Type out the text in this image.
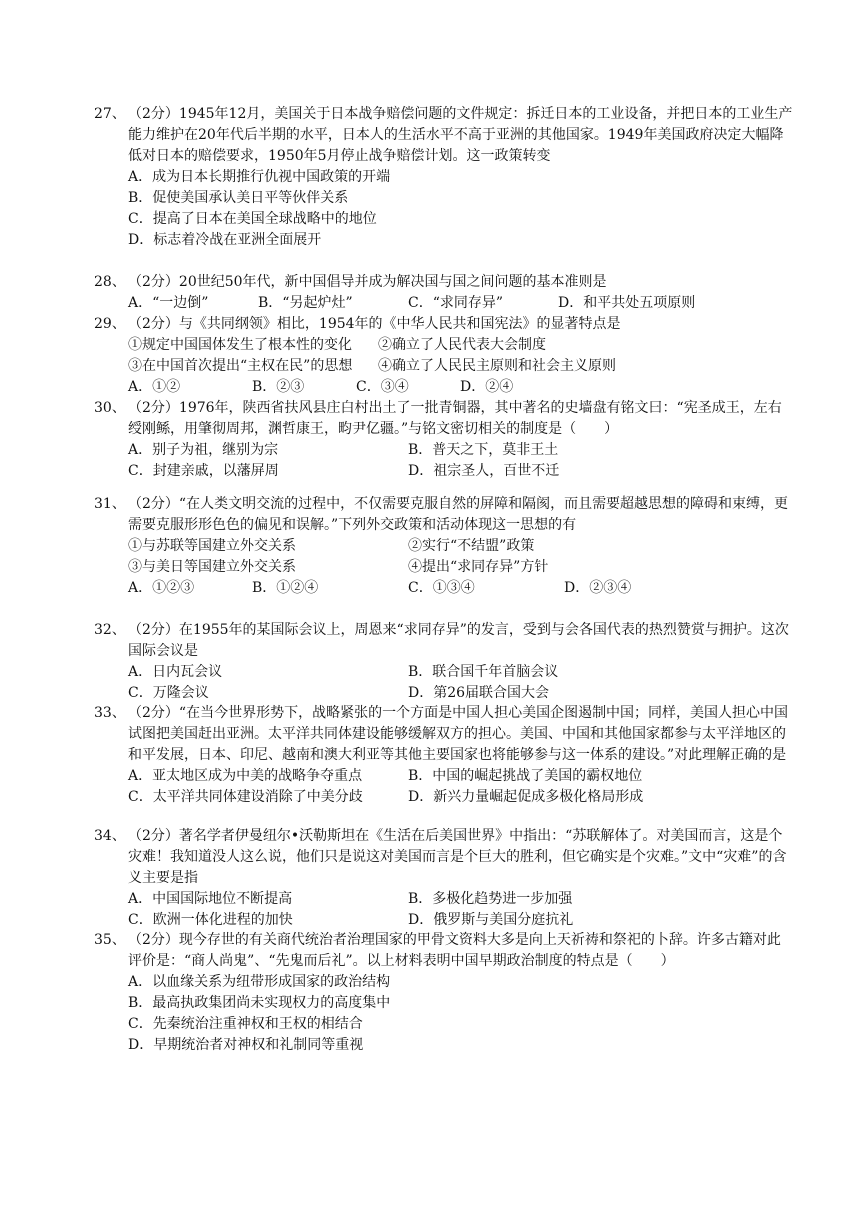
27、 （2分）1945年12月，美国关于日本战争赔偿问题的文件规定：拆迁日本的工业设备，并把日本的工业生产能力维护在20年代后半期的水平，日本人的生活水平不高于亚洲的其他国家。1949年美国政府决定大幅降低对日本的赔偿要求，1950年5月停止战争赔偿计划。这一政策转变
A．成为日本长期推行仇视中国政策的开端
B．促使美国承认美日平等伙伴关系
C．提高了日本在美国全球战略中的地位
D．标志着冷战在亚洲全面展开
28、 （2分）20世纪50年代，新中国倡导并成为解决国与国之间问题的基本准则是
A．“一边倒”	B．“另起炉灶”	C．“求同存异”	D．和平共处五项原则
29、 （2分）与《共同纲领》相比，1954年的《中华人民共和国宪法》的显著特点是
①规定中国国体发生了根本性的变化	②确立了人民代表大会制度
③在中国首次提出“主权在民”的思想	④确立了人民民主原则和社会主义原则
A．①②	B．②③	C．③④	D．②④
30、 （2分）1976年，陕西省扶风县庄白村出土了一批青铜器，其中著名的史墙盘有铭文曰：“宪圣成王，左右绶刚鲧，用肇彻周邦，渊哲康王，畇尹亿疆。”与铭文密切相关的制度是（　　）
A．别子为祖，继别为宗	B．普天之下，莫非王土
C．封建亲戚，以藩屏周	D．祖宗圣人，百世不迁
31、 （2分）“在人类文明交流的过程中，不仅需要克服自然的屏障和隔阂，而且需要超越思想的障碍和束缚，更需要克服形形色色的偏见和误解。”下列外交政策和活动体现这一思想的有
①与苏联等国建立外交关系	②实行“不结盟”政策
③与美日等国建立外交关系	④提出“求同存异”方针
A．①②③	B．①②④	C．①③④	D．②③④
32、 （2分）在1955年的某国际会议上，周恩来“求同存异”的发言，受到与会各国代表的热烈赞赏与拥护。这次国际会议是
A．日内瓦会议	B．联合国千年首脑会议
C．万隆会议	D．第26届联合国大会
33、 （2分）“在当今世界形势下，战略紧张的一个方面是中国人担心美国企图遏制中国；同样，美国人担心中国试图把美国赶出亚洲。太平洋共同体建设能够缓解双方的担心。美国、中国和其他国家都参与太平洋地区的和平发展，日本、印尼、越南和澳大利亚等其他主要国家也将能够参与这一体系的建设。”对此理解正确的是
A．亚太地区成为中美的战略争夺重点	B．中国的崛起挑战了美国的霸权地位
C．太平洋共同体建设消除了中美分歧	D．新兴力量崛起促成多极化格局形成
34、 （2分）著名学者伊曼纽尔•沃勒斯坦在《生活在后美国世界》中指出：“苏联解体了。对美国而言，这是个灾难！我知道没人这么说，他们只是说这对美国而言是个巨大的胜利，但它确实是个灾难。”文中“灾难”的含义主要是指
A．中国国际地位不断提高	B．多极化趋势进一步加强
C．欧洲一体化进程的加快	D．俄罗斯与美国分庭抗礼
35、 （2分）现今存世的有关商代统治者治理国家的甲骨文资料大多是向上天祈祷和祭祀的卜辞。许多古籍对此评价是：“商人尚鬼”、“先鬼而后礼”。以上材料表明中国早期政治制度的特点是（　　）
A．以血缘关系为纽带形成国家的政治结构
B．最高执政集团尚未实现权力的高度集中
C．先秦统治注重神权和王权的相结合
D．早期统治者对神权和礼制同等重视
